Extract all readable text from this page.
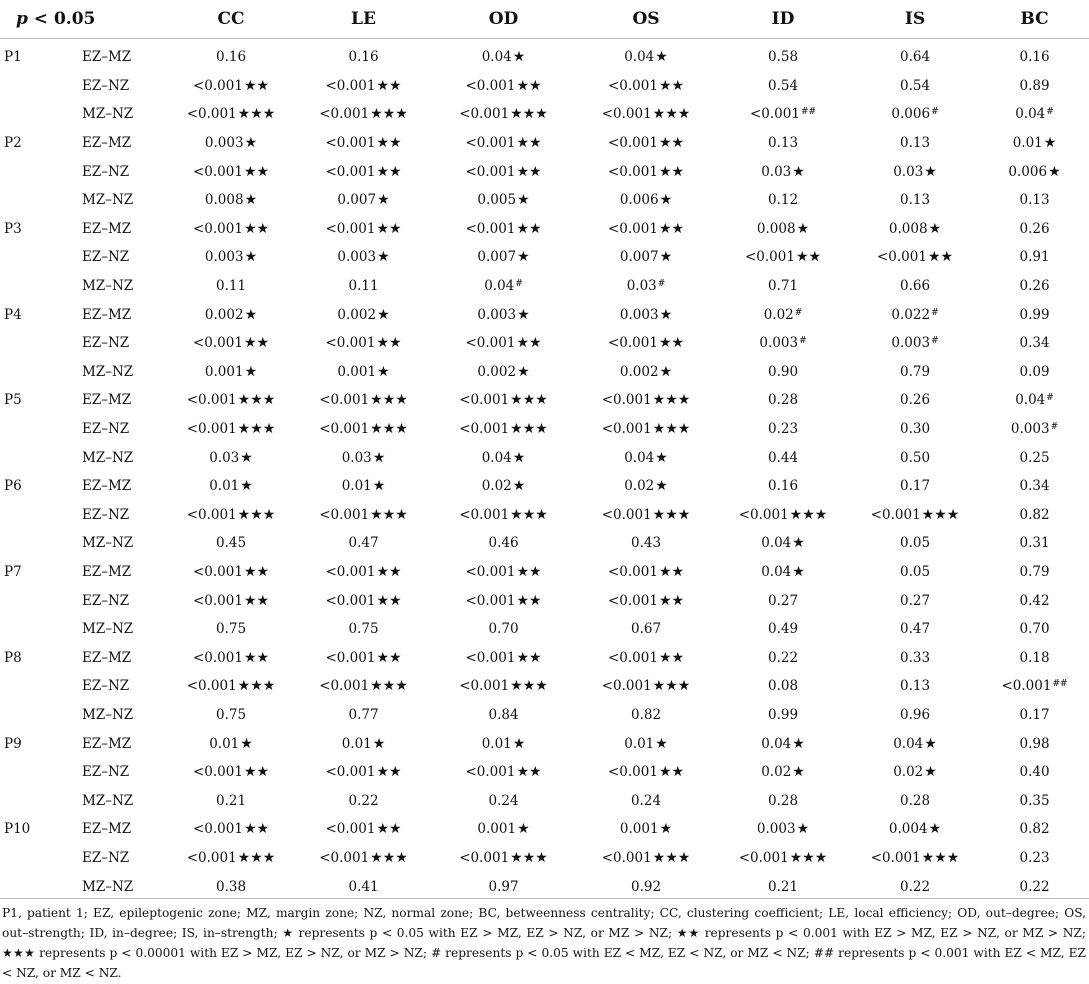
p < 0.05		CC	LE	OD	OS	ID	IS	BC
P1	EZ–MZ	0.16	0.16	0.04★	0.04★	0.58	0.64	0.16
	EZ–NZ	<0.001★★	<0.001★★	<0.001★★	<0.001★★	0.54	0.54	0.89
	MZ–NZ	<0.001★★★	<0.001★★★	<0.001★★★	<0.001★★★	<0.001##	0.006#	0.04#
P2	EZ–MZ	0.003★	<0.001★★	<0.001★★	<0.001★★	0.13	0.13	0.01★
	EZ–NZ	<0.001★★	<0.001★★	<0.001★★	<0.001★★	0.03★	0.03★	0.006★
	MZ–NZ	0.008★	0.007★	0.005★	0.006★	0.12	0.13	0.13
P3	EZ–MZ	<0.001★★	<0.001★★	<0.001★★	<0.001★★	0.008★	0.008★	0.26
	EZ–NZ	0.003★	0.003★	0.007★	0.007★	<0.001★★	<0.001★★	0.91
	MZ–NZ	0.11	0.11	0.04#	0.03#	0.71	0.66	0.26
P4	EZ–MZ	0.002★	0.002★	0.003★	0.003★	0.02#	0.022#	0.99
	EZ–NZ	<0.001★★	<0.001★★	<0.001★★	<0.001★★	0.003#	0.003#	0.34
	MZ–NZ	0.001★	0.001★	0.002★	0.002★	0.90	0.79	0.09
P5	EZ–MZ	<0.001★★★	<0.001★★★	<0.001★★★	<0.001★★★	0.28	0.26	0.04#
	EZ–NZ	<0.001★★★	<0.001★★★	<0.001★★★	<0.001★★★	0.23	0.30	0.003#
	MZ–NZ	0.03★	0.03★	0.04★	0.04★	0.44	0.50	0.25
P6	EZ–MZ	0.01★	0.01★	0.02★	0.02★	0.16	0.17	0.34
	EZ–NZ	<0.001★★★	<0.001★★★	<0.001★★★	<0.001★★★	<0.001★★★	<0.001★★★	0.82
	MZ–NZ	0.45	0.47	0.46	0.43	0.04★	0.05	0.31
P7	EZ–MZ	<0.001★★	<0.001★★	<0.001★★	<0.001★★	0.04★	0.05	0.79
	EZ–NZ	<0.001★★	<0.001★★	<0.001★★	<0.001★★	0.27	0.27	0.42
	MZ–NZ	0.75	0.75	0.70	0.67	0.49	0.47	0.70
P8	EZ–MZ	<0.001★★	<0.001★★	<0.001★★	<0.001★★	0.22	0.33	0.18
	EZ–NZ	<0.001★★★	<0.001★★★	<0.001★★★	<0.001★★★	0.08	0.13	<0.001##
	MZ–NZ	0.75	0.77	0.84	0.82	0.99	0.96	0.17
P9	EZ–MZ	0.01★	0.01★	0.01★	0.01★	0.04★	0.04★	0.98
	EZ–NZ	<0.001★★	<0.001★★	<0.001★★	<0.001★★	0.02★	0.02★	0.40
	MZ–NZ	0.21	0.22	0.24	0.24	0.28	0.28	0.35
P10	EZ–MZ	<0.001★★	<0.001★★	0.001★	0.001★	0.003★	0.004★	0.82
	EZ–NZ	<0.001★★★	<0.001★★★	<0.001★★★	<0.001★★★	<0.001★★★	<0.001★★★	0.23
	MZ–NZ	0.38	0.41	0.97	0.92	0.21	0.22	0.22

P1, patient 1; EZ, epileptogenic zone; MZ, margin zone; NZ, normal zone; BC, betweenness centrality; CC, clustering coefficient; LE, local efficiency; OD, out–degree; OS, out–strength; ID, in–degree; IS, in–strength; ★ represents p < 0.05 with EZ > MZ, EZ > NZ, or MZ > NZ; ★★ represents p < 0.001 with EZ > MZ, EZ > NZ, or MZ > NZ; ★★★ represents p < 0.00001 with EZ > MZ, EZ > NZ, or MZ > NZ; # represents p < 0.05 with EZ < MZ, EZ < NZ, or MZ < NZ; ## represents p < 0.001 with EZ < MZ, EZ < NZ, or MZ < NZ.
